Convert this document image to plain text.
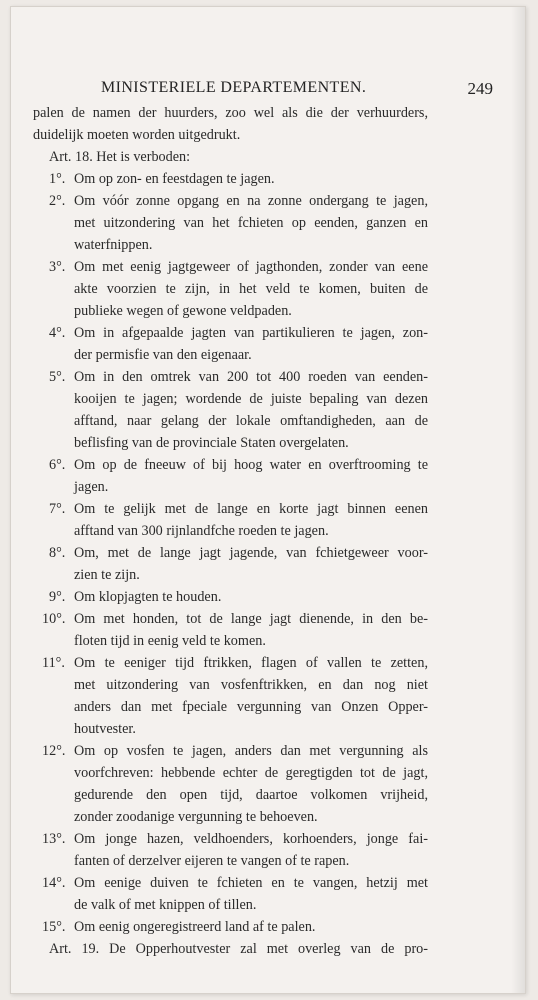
MINISTERIELE DEPARTEMENTEN.	249
palen de namen der huurders, zoo wel als die der verhuurders,
duidelijk moeten worden uitgedrukt.
Art. 18. Het is verboden:
1°. Om op zon- en feestdagen te jagen.
2°. Om vóór zonne opgang en na zonne ondergang te jagen,
met uitzondering van het fchieten op eenden, ganzen en
waterfnippen.
3°. Om met eenig jagtgeweer of jagthonden, zonder van eene
akte voorzien te zijn, in het veld te komen, buiten de
publieke wegen of gewone veldpaden.
4°. Om in afgepaalde jagten van partikulieren te jagen, zon-
der permisfie van den eigenaar.
5°. Om in den omtrek van 200 tot 400 roeden van eenden-
kooijen te jagen; wordende de juiste bepaling van dezen
afftand, naar gelang der lokale omftandigheden, aan de
beflisfing van de provinciale Staten overgelaten.
6°. Om op de fneeuw of bij hoog water en overftrooming te
jagen.
7°. Om te gelijk met de lange en korte jagt binnen eenen
afftand van 300 rijnlandfche roeden te jagen.
8°. Om, met de lange jagt jagende, van fchietgeweer voor-
zien te zijn.
9°. Om klopjagten te houden.
10°. Om met honden, tot de lange jagt dienende, in den be-
floten tijd in eenig veld te komen.
11°. Om te eeniger tijd ftrikken, flagen of vallen te zetten,
met uitzondering van vosfenftrikken, en dan nog niet
anders dan met fpeciale vergunning van Onzen Opper-
houtvester.
12°. Om op vosfen te jagen, anders dan met vergunning als
voorfchreven: hebbende echter de geregtigden tot de jagt,
gedurende den open tijd, daartoe volkomen vrijheid,
zonder zoodanige vergunning te behoeven.
13°. Om jonge hazen, veldhoenders, korhoenders, jonge fai-
fanten of derzelver eijeren te vangen of te rapen.
14°. Om eenige duiven te fchieten en te vangen, hetzij met
de valk of met knippen of tillen.
15°. Om eenig ongeregistreerd land af te palen.
Art. 19. De Opperhoutvester zal met overleg van de pro-
